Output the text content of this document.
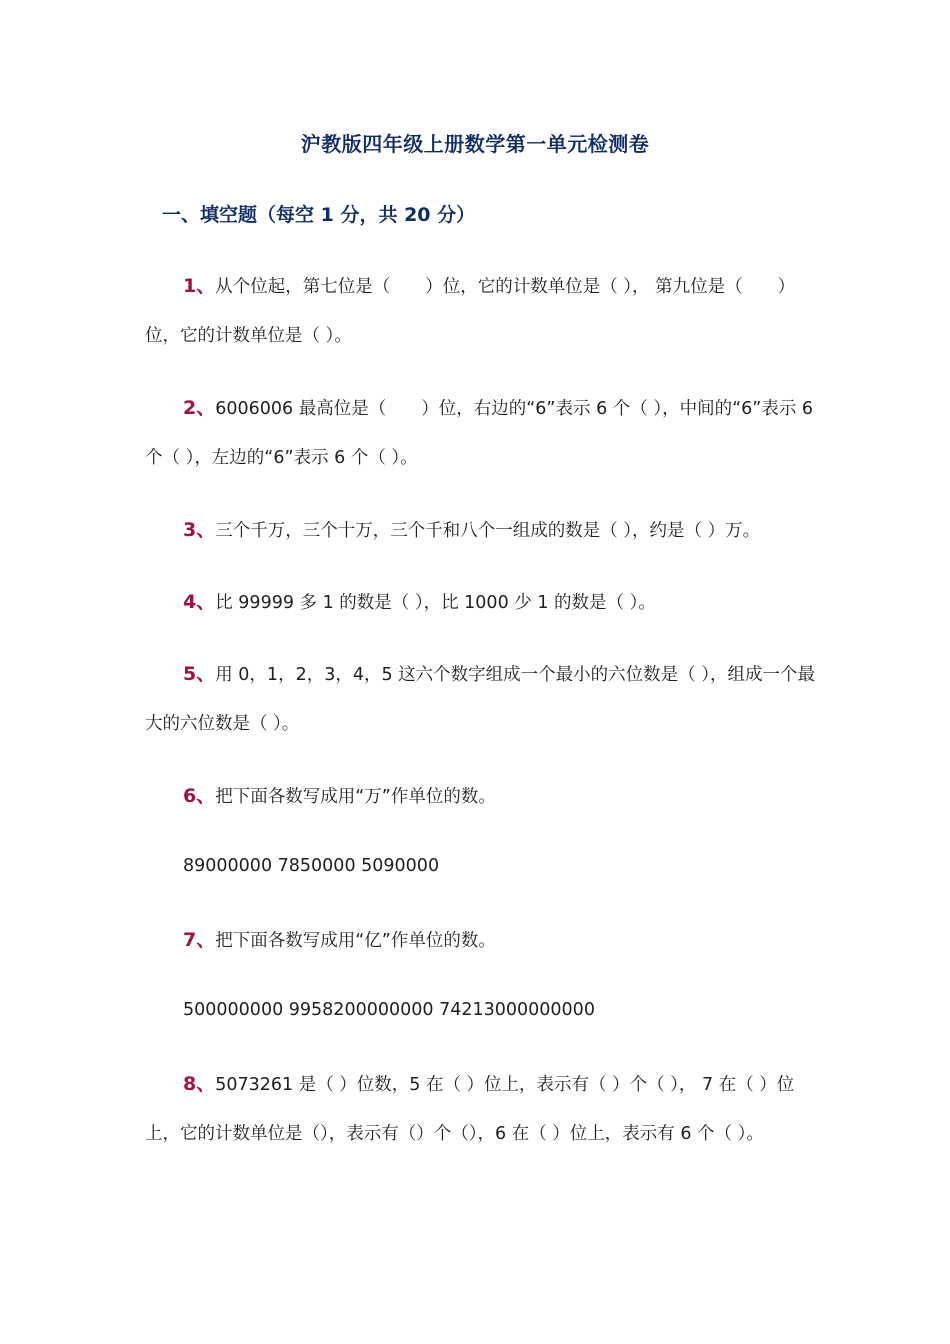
沪教版四年级上册数学第一单元检测卷
一、填空题（每空 1 分，共 20 分）
1、从个位起，第七位是（　　）位，它的计数单位是（ ）， 第九位是（　　）位，它的计数单位是（ ）。
2、6006006 最高位是（　　）位，右边的“6”表示 6 个（ ），中间的“6”表示 6 个（ ），左边的“6”表示 6 个（ ）。
3、三个千万，三个十万，三个千和八个一组成的数是（ ），约是（ ）万。
4、比 99999 多 1 的数是（ ），比 1000 少 1 的数是（ ）。
5、用 0，1，2，3，4，5 这六个数字组成一个最小的六位数是（ ），组成一个最大的六位数是（ ）。
6、把下面各数写成用“万”作单位的数。
89000000 7850000 5090000
7、把下面各数写成用“亿”作单位的数。
500000000 9958200000000 74213000000000
8、5073261 是（ ）位数，5 在（ ）位上，表示有（ ）个（ ）， 7 在（ ）位上，它的计数单位是（），表示有（）个（），6 在（ ）位上，表示有 6 个（ ）。
